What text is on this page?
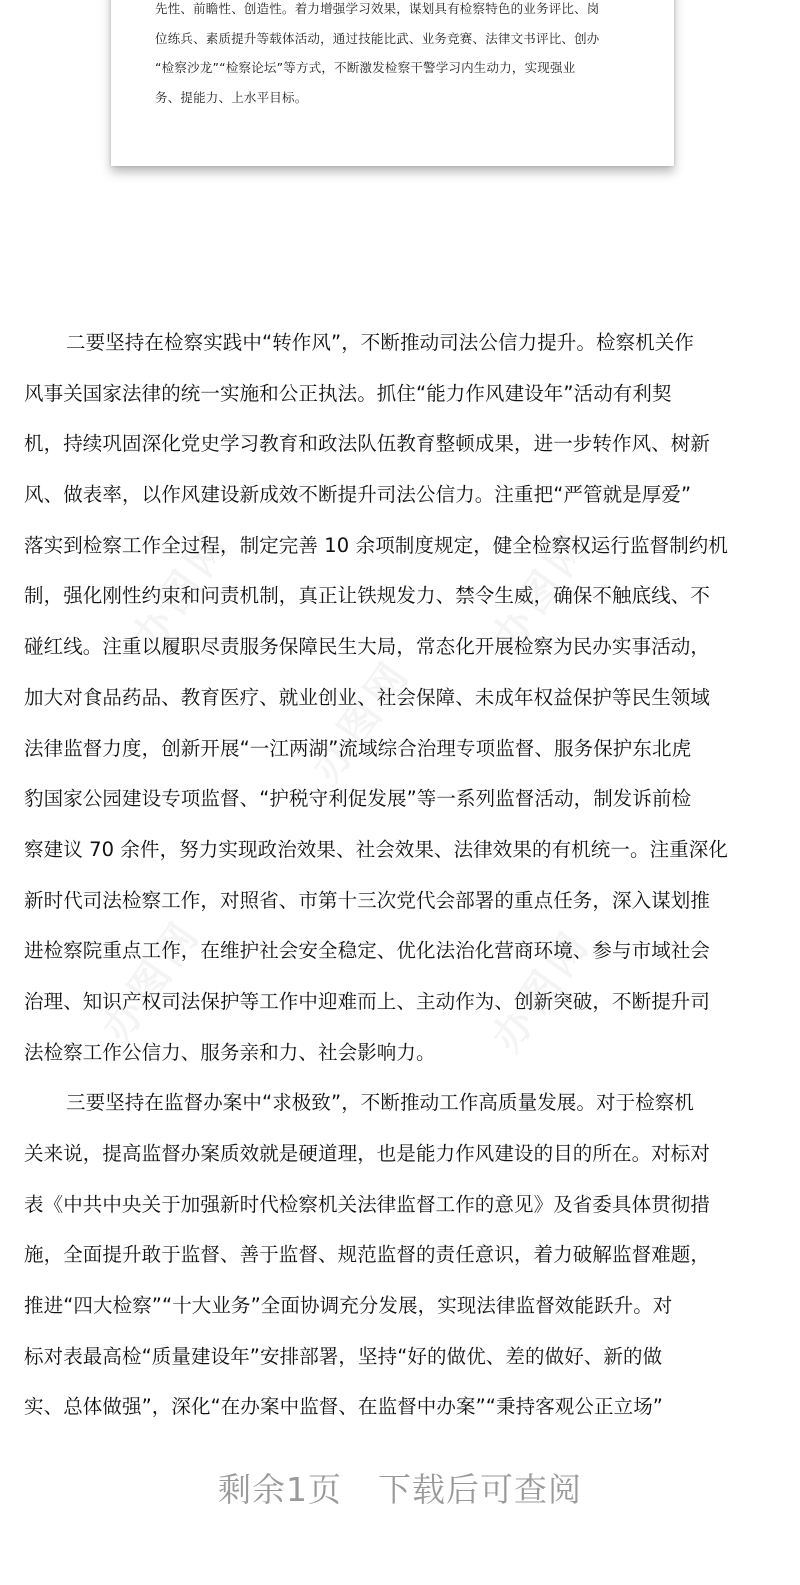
先性、前瞻性、创造性。着力增强学习效果，谋划具有检察特色的业务评比、岗
位练兵、素质提升等载体活动，通过技能比武、业务竞赛、法律文书评比、创办
“检察沙龙”“检察论坛”等方式，不断激发检察干警学习内生动力，实现强业
务、提能力、上水平目标。
办图网	办图网
办图网
办图网	办图网
二要坚持在检察实践中“转作风”，不断推动司法公信力提升。检察机关作
风事关国家法律的统一实施和公正执法。抓住“能力作风建设年”活动有利契
机，持续巩固深化党史学习教育和政法队伍教育整顿成果，进一步转作风、树新
风、做表率，以作风建设新成效不断提升司法公信力。注重把“严管就是厚爱”
落实到检察工作全过程，制定完善 10 余项制度规定，健全检察权运行监督制约机
制，强化刚性约束和问责机制，真正让铁规发力、禁令生威，确保不触底线、不
碰红线。注重以履职尽责服务保障民生大局，常态化开展检察为民办实事活动，
加大对食品药品、教育医疗、就业创业、社会保障、未成年权益保护等民生领域
法律监督力度，创新开展“一江两湖”流域综合治理专项监督、服务保护东北虎
豹国家公园建设专项监督、“护税守利促发展”等一系列监督活动，制发诉前检
察建议 70 余件，努力实现政治效果、社会效果、法律效果的有机统一。注重深化
新时代司法检察工作，对照省、市第十三次党代会部署的重点任务，深入谋划推
进检察院重点工作，在维护社会安全稳定、优化法治化营商环境、参与市域社会
治理、知识产权司法保护等工作中迎难而上、主动作为、创新突破，不断提升司
法检察工作公信力、服务亲和力、社会影响力。
三要坚持在监督办案中“求极致”，不断推动工作高质量发展。对于检察机
关来说，提高监督办案质效就是硬道理，也是能力作风建设的目的所在。对标对
表《中共中央关于加强新时代检察机关法律监督工作的意见》及省委具体贯彻措
施，全面提升敢于监督、善于监督、规范监督的责任意识，着力破解监督难题，
推进“四大检察”“十大业务”全面协调充分发展，实现法律监督效能跃升。对
标对表最高检“质量建设年”安排部署，坚持“好的做优、差的做好、新的做
实、总体做强”，深化“在办案中监督、在监督中办案”“秉持客观公正立场”
剩余1页 下载后可查阅
